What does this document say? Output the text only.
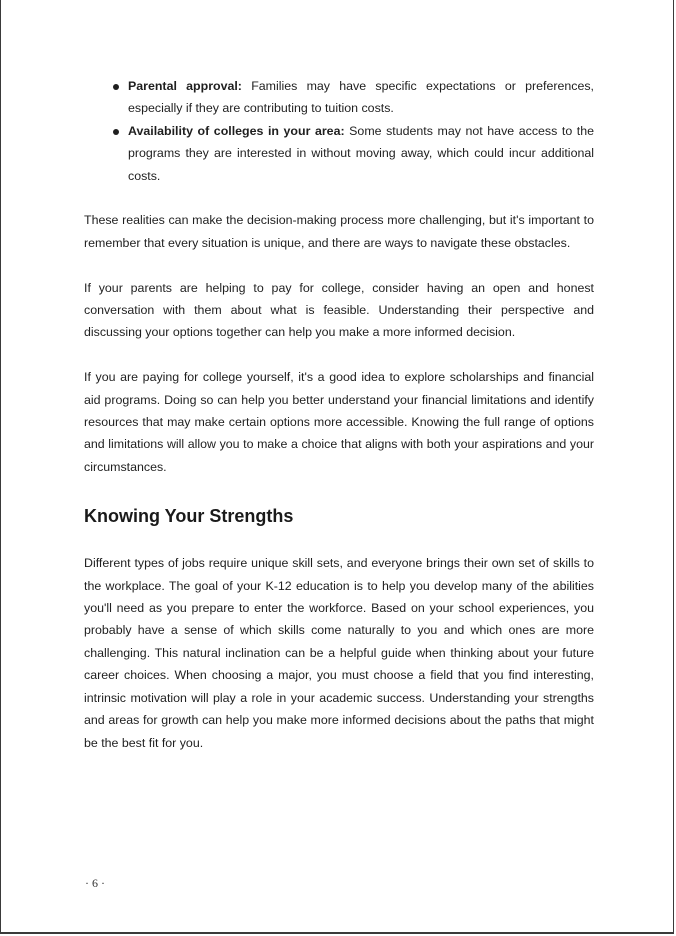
Parental approval: Families may have specific expectations or preferences, especially if they are contributing to tuition costs.
Availability of colleges in your area: Some students may not have access to the programs they are interested in without moving away, which could incur additional costs.

These realities can make the decision-making process more challenging, but it's important to remember that every situation is unique, and there are ways to navigate these obstacles.

If your parents are helping to pay for college, consider having an open and honest conversation with them about what is feasible. Understanding their perspective and discussing your options together can help you make a more informed decision.

If you are paying for college yourself, it's a good idea to explore scholarships and financial aid programs. Doing so can help you better understand your financial limitations and identify resources that may make certain options more accessible. Knowing the full range of options and limitations will allow you to make a choice that aligns with both your aspirations and your circumstances.

Knowing Your Strengths

Different types of jobs require unique skill sets, and everyone brings their own set of skills to the workplace. The goal of your K-12 education is to help you develop many of the abilities you'll need as you prepare to enter the workforce. Based on your school experiences, you probably have a sense of which skills come naturally to you and which ones are more challenging. This natural inclination can be a helpful guide when thinking about your future career choices. When choosing a major, you must choose a field that you find interesting, intrinsic motivation will play a role in your academic success. Understanding your strengths and areas for growth can help you make more informed decisions about the paths that might be the best fit for you.

· 6 ·
